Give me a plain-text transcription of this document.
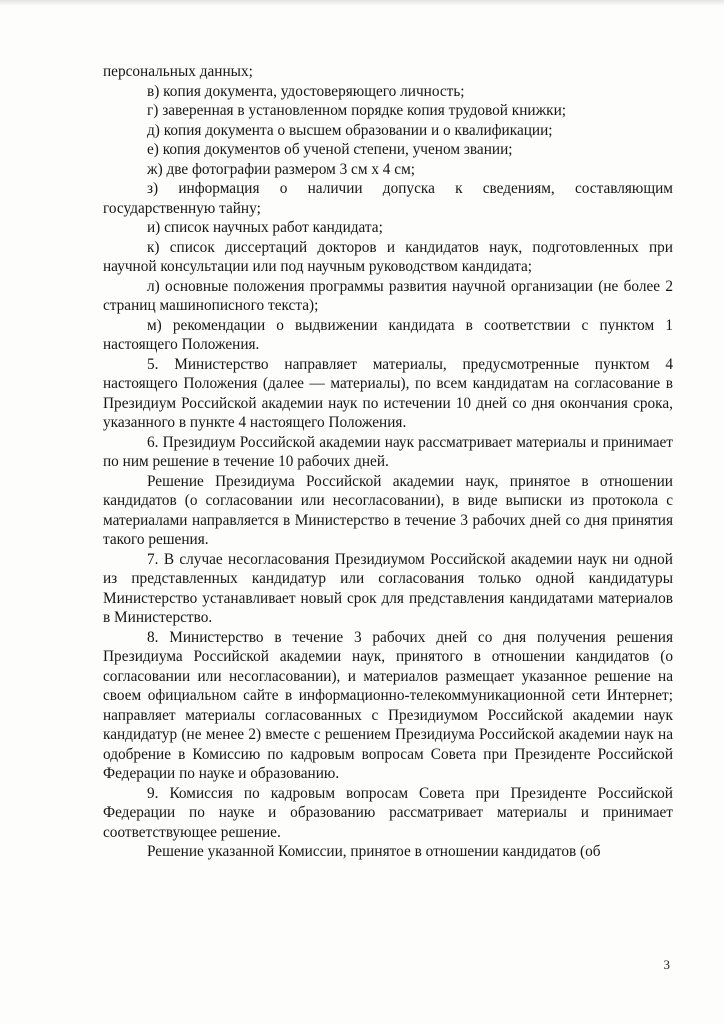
персональных данных;

в) копия документа, удостоверяющего личность;

г) заверенная в установленном порядке копия трудовой книжки;

д) копия документа о высшем образовании и о квалификации;

е) копия документов об ученой степени, ученом звании;

ж) две фотографии размером 3 см х 4 см;

з) информация о наличии допуска к сведениям, составляющим государственную тайну;

и) список научных работ кандидата;

к) список диссертаций докторов и кандидатов наук, подготовленных при научной консультации или под научным руководством кандидата;

л) основные положения программы развития научной организации (не более 2 страниц машинописного текста);

м) рекомендации о выдвижении кандидата в соответствии с пунктом 1 настоящего Положения.

5. Министерство направляет материалы, предусмотренные пунктом 4 настоящего Положения (далее — материалы), по всем кандидатам на согласование в Президиум Российской академии наук по истечении 10 дней со дня окончания срока, указанного в пункте 4 настоящего Положения.

6. Президиум Российской академии наук рассматривает материалы и принимает по ним решение в течение 10 рабочих дней.

Решение Президиума Российской академии наук, принятое в отношении кандидатов (о согласовании или несогласовании), в виде выписки из протокола с материалами направляется в Министерство в течение 3 рабочих дней со дня принятия такого решения.

7. В случае несогласования Президиумом Российской академии наук ни одной из представленных кандидатур или согласования только одной кандидатуры Министерство устанавливает новый срок для представления кандидатами материалов в Министерство.

8. Министерство в течение 3 рабочих дней со дня получения решения Президиума Российской академии наук, принятого в отношении кандидатов (о согласовании или несогласовании), и материалов размещает указанное решение на своем официальном сайте в информационно-телекоммуникационной сети Интернет; направляет материалы согласованных с Президиумом Российской академии наук кандидатур (не менее 2) вместе с решением Президиума Российской академии наук на одобрение в Комиссию по кадровым вопросам Совета при Президенте Российской Федерации по науке и образованию.

9. Комиссия по кадровым вопросам Совета при Президенте Российской Федерации по науке и образованию рассматривает материалы и принимает соответствующее решение.

Решение указанной Комиссии, принятое в отношении кандидатов (об

3
